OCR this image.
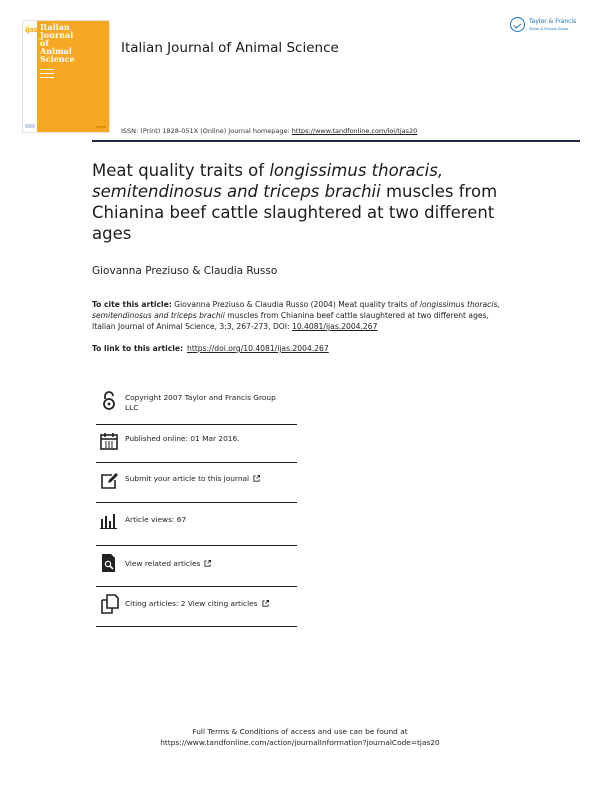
ijas Italian
Journal
of
Animal
Science
Italian Journal of Animal Science
Taylor & Francis
Taylor & Francis Group
ISSN: (Print) 1828-051X (Online) Journal homepage: https://www.tandfonline.com/loi/tjas20
Meat quality traits of longissimus thoracis, semitendinosus and triceps brachii muscles from Chianina beef cattle slaughtered at two different ages
Giovanna Preziuso & Claudia Russo
To cite this article: Giovanna Preziuso & Claudia Russo (2004) Meat quality traits of longissimus thoracis, semitendinosus and triceps brachii muscles from Chianina beef cattle slaughtered at two different ages, Italian Journal of Animal Science, 3:3, 267-273, DOI: 10.4081/ijas.2004.267
To link to this article: https://doi.org/10.4081/ijas.2004.267
Copyright 2007 Taylor and Francis Group LLC
Published online: 01 Mar 2016.
Submit your article to this journal
Article views: 67
View related articles
Citing articles: 2 View citing articles
Full Terms & Conditions of access and use can be found at
https://www.tandfonline.com/action/journalInformation?journalCode=tjas20
